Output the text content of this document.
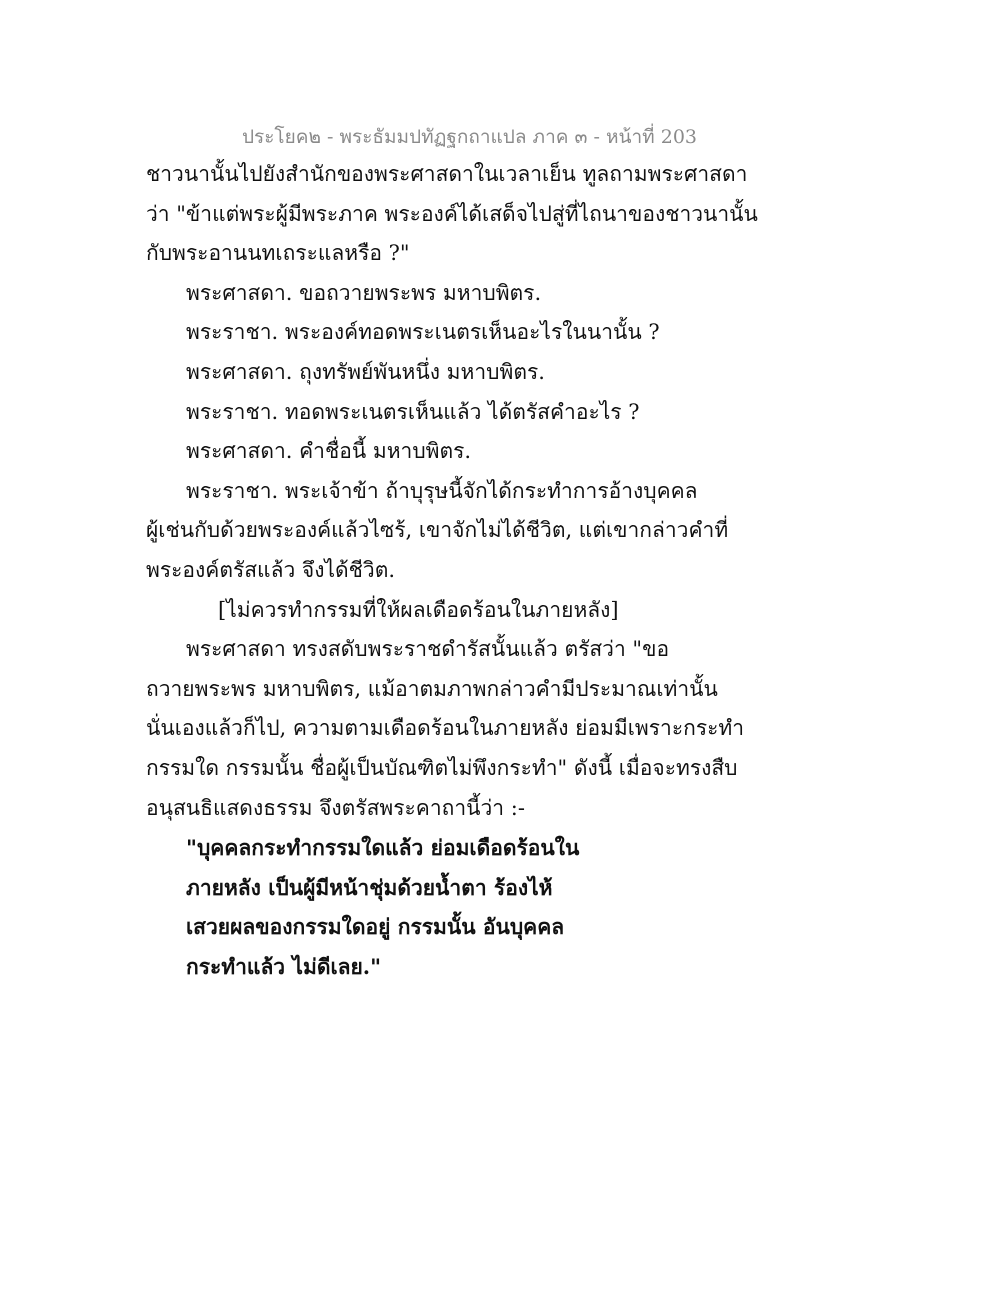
ประโยค๒ - พระธัมมปทัฏฐกถาแปล ภาค ๓ - หน้าที่ 203
ชาวนานั้นไปยังสำนักของพระศาสดาในเวลาเย็น ทูลถามพระศาสดา
ว่า "ข้าแต่พระผู้มีพระภาค พระองค์ได้เสด็จไปสู่ที่ไถนาของชาวนานั้น
กับพระอานนทเถระแลหรือ ?"
พระศาสดา. ขอถวายพระพร มหาบพิตร.
พระราชา. พระองค์ทอดพระเนตรเห็นอะไรในนานั้น ?
พระศาสดา. ถุงทรัพย์พันหนึ่ง มหาบพิตร.
พระราชา. ทอดพระเนตรเห็นแล้ว ได้ตรัสคำอะไร ?
พระศาสดา. คำชื่อนี้ มหาบพิตร.
พระราชา. พระเจ้าข้า ถ้าบุรุษนี้จักได้กระทำการอ้างบุคคล
ผู้เช่นกับด้วยพระองค์แล้วไซร้, เขาจักไม่ได้ชีวิต, แต่เขากล่าวคำที่
พระองค์ตรัสแล้ว จึงได้ชีวิต.
[ไม่ควรทำกรรมที่ให้ผลเดือดร้อนในภายหลัง]
พระศาสดา ทรงสดับพระราชดำรัสนั้นแล้ว ตรัสว่า "ขอ
ถวายพระพร มหาบพิตร, แม้อาตมภาพกล่าวคำมีประมาณเท่านั้น
นั่นเองแล้วก็ไป, ความตามเดือดร้อนในภายหลัง ย่อมมีเพราะกระทำ
กรรมใด กรรมนั้น ชื่อผู้เป็นบัณฑิตไม่พึงกระทำ" ดังนี้ เมื่อจะทรงสืบ
อนุสนธิแสดงธรรม จึงตรัสพระคาถานี้ว่า :-
"บุคคลกระทำกรรมใดแล้ว ย่อมเดือดร้อนใน
ภายหลัง เป็นผู้มีหน้าชุ่มด้วยน้ำตา ร้องไห้
เสวยผลของกรรมใดอยู่ กรรมนั้น อันบุคคล
กระทำแล้ว ไม่ดีเลย."
